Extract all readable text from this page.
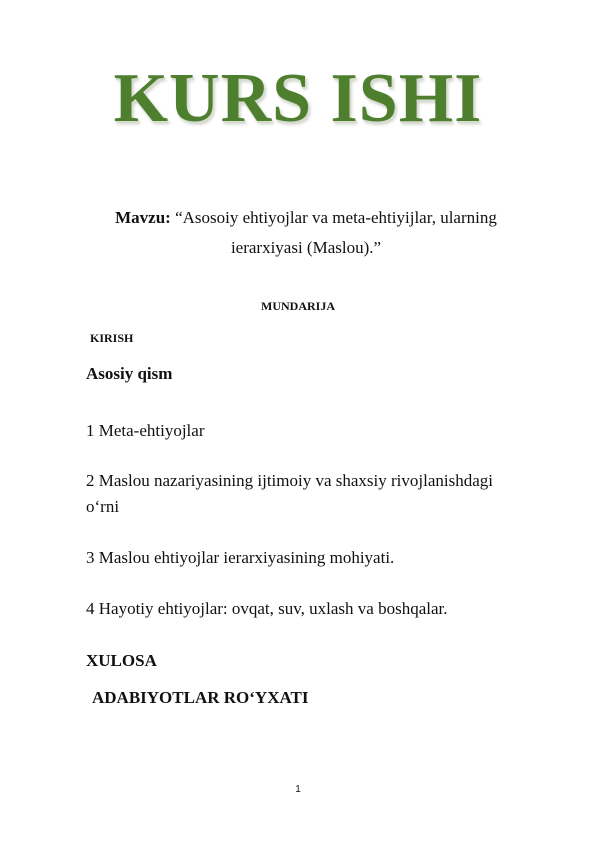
KURS ISHI
Mavzu: “Asosoiy ehtiyojlar va meta-ehtiyijlar, ularning
ierarxiyasi (Maslou).”
MUNDARIJA
KIRISH
Asosiy qism
1 Meta-ehtiyojlar
2 Maslou nazariyasining ijtimoiy va shaxsiy rivojlanishdagi
o‘rni
3 Maslou ehtiyojlar ierarxiyasining mohiyati.
4 Hayotiy ehtiyojlar: ovqat, suv, uxlash va boshqalar.
XULOSA
ADABIYOTLAR RO‘YXATI
1
